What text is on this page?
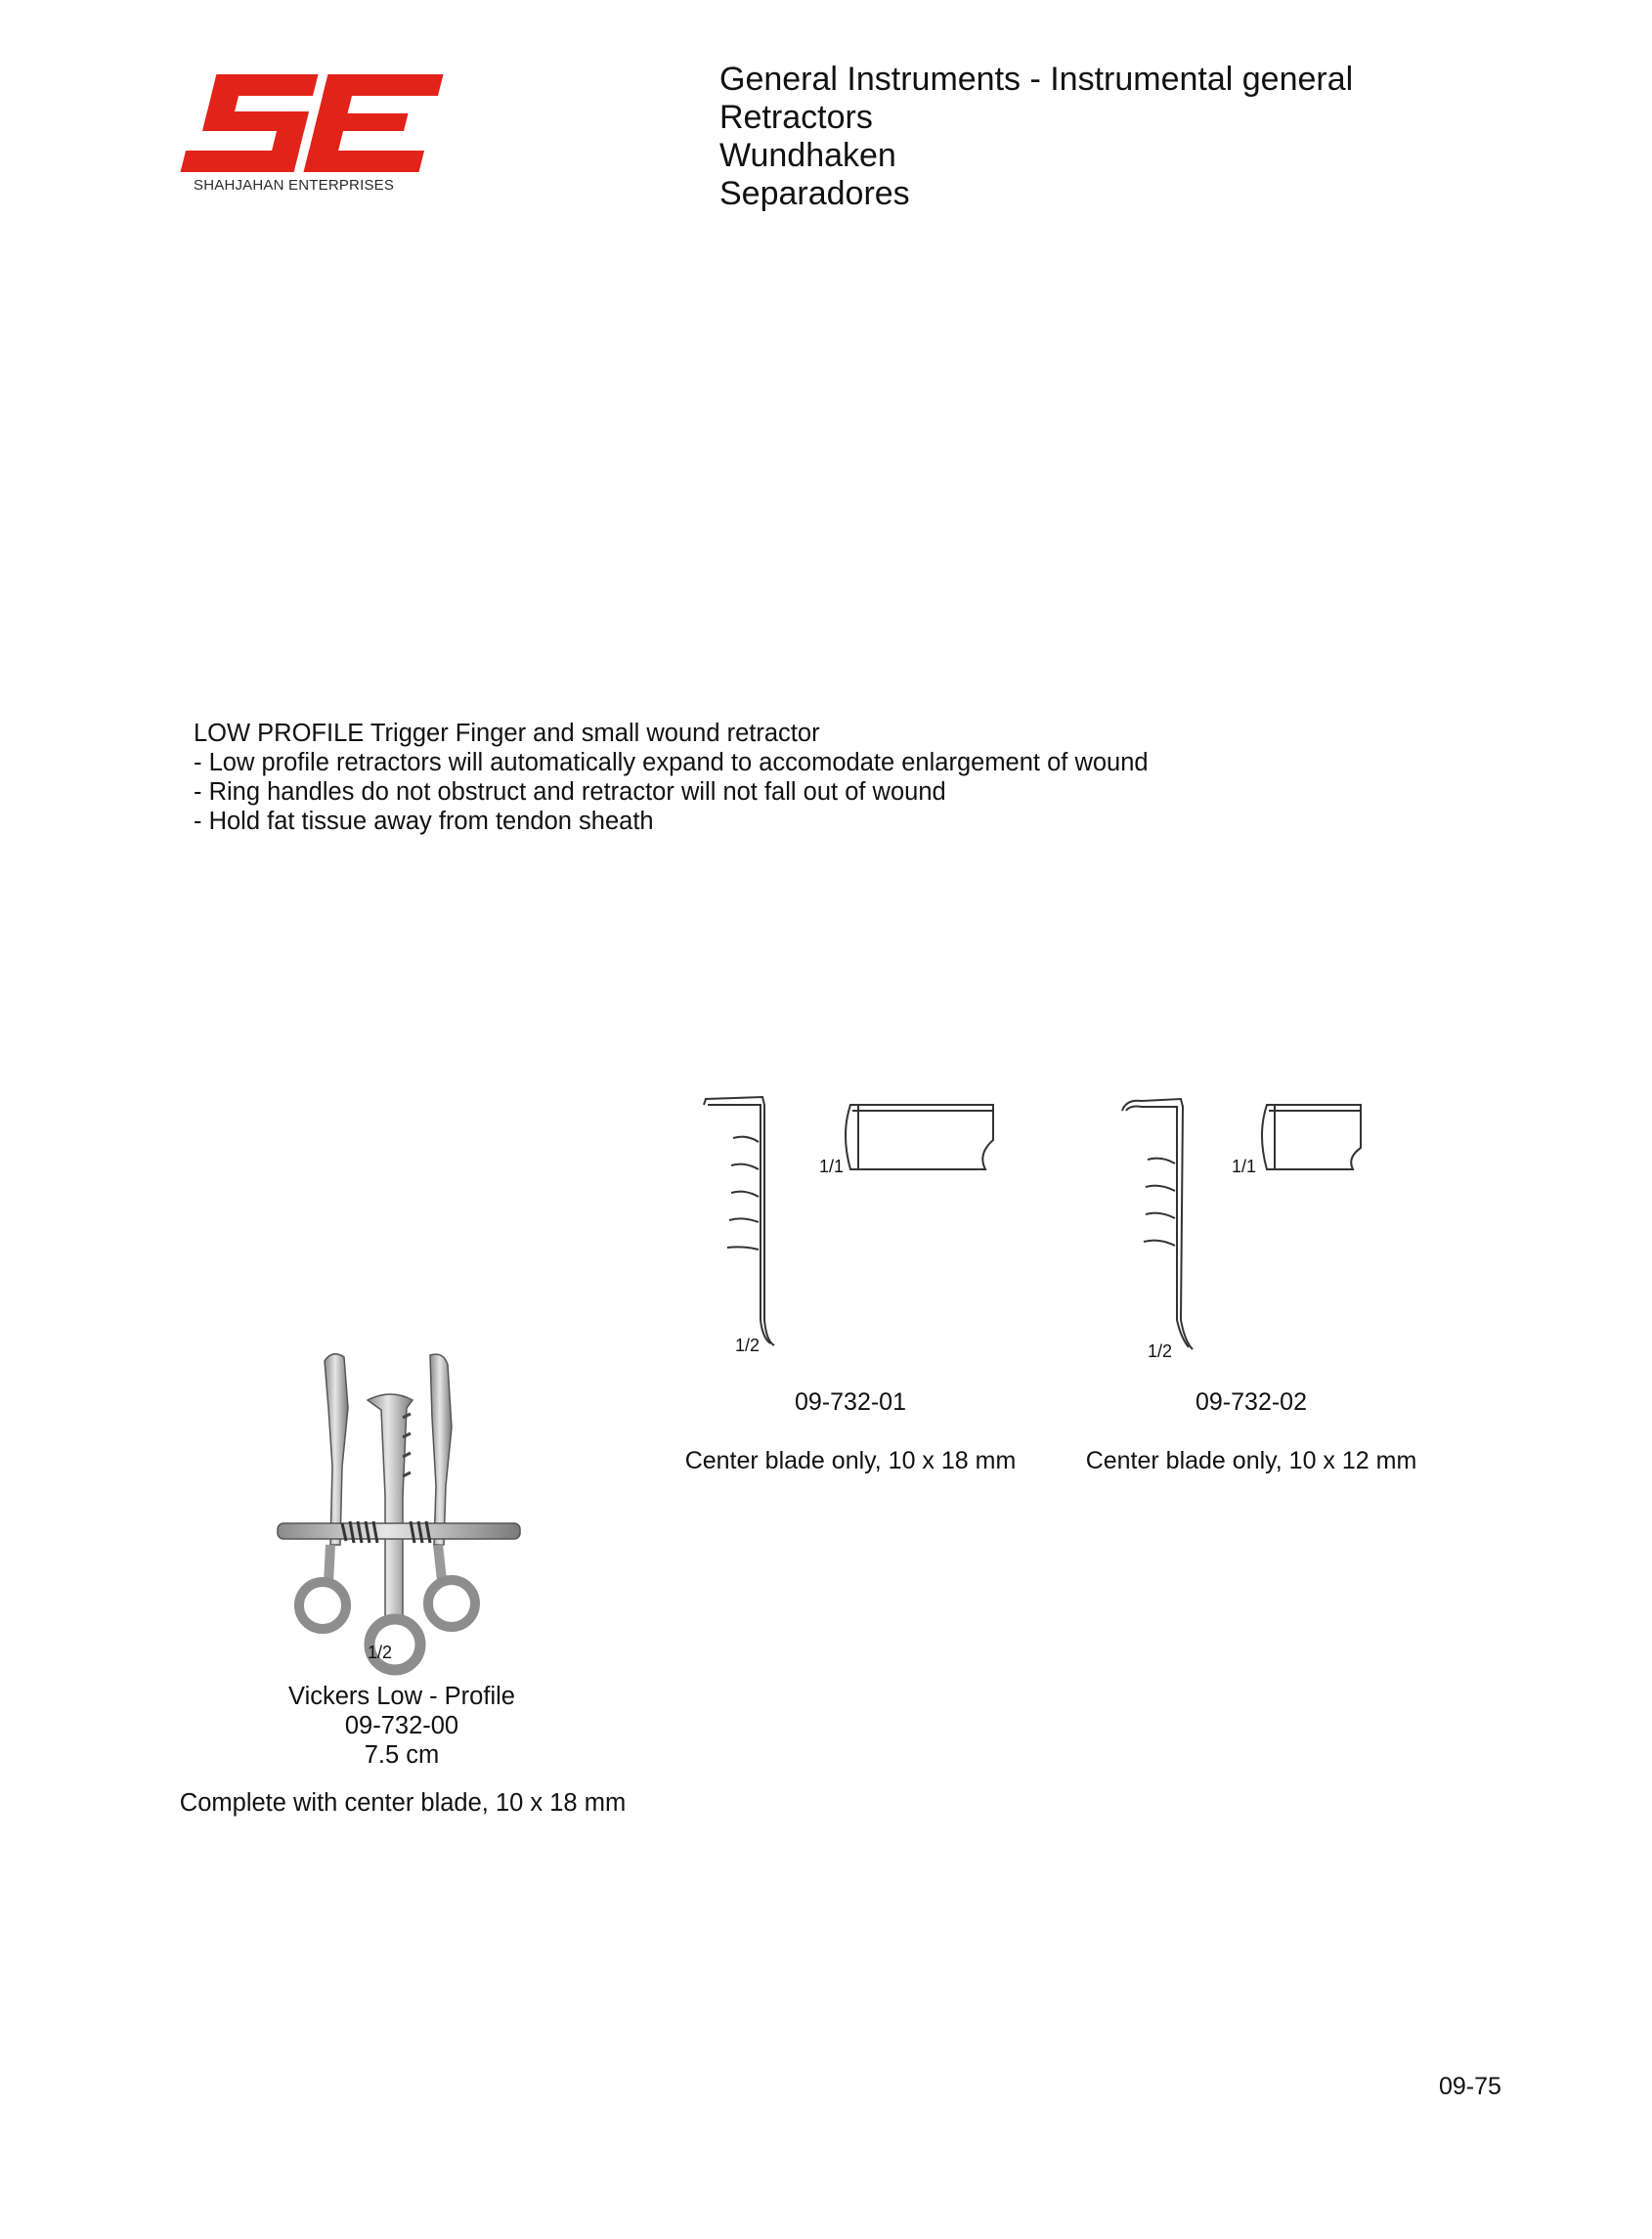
SHAHJAHAN ENTERPRISES
General Instruments - Instrumental general
Retractors
Wundhaken
Separadores
LOW PROFILE Trigger Finger and small wound retractor
- Low profile retractors will automatically expand to accomodate enlargement of wound
- Ring handles do not obstruct and retractor will not fall out of wound
- Hold fat tissue away from tendon sheath
1/1
1/2
1/1
1/2
09-732-01
Center blade only, 10 x 18 mm
09-732-02
Center blade only, 10 x 12 mm
1/2
Vickers Low - Profile
09-732-00
7.5 cm
Complete with center blade, 10 x 18 mm
09-75
